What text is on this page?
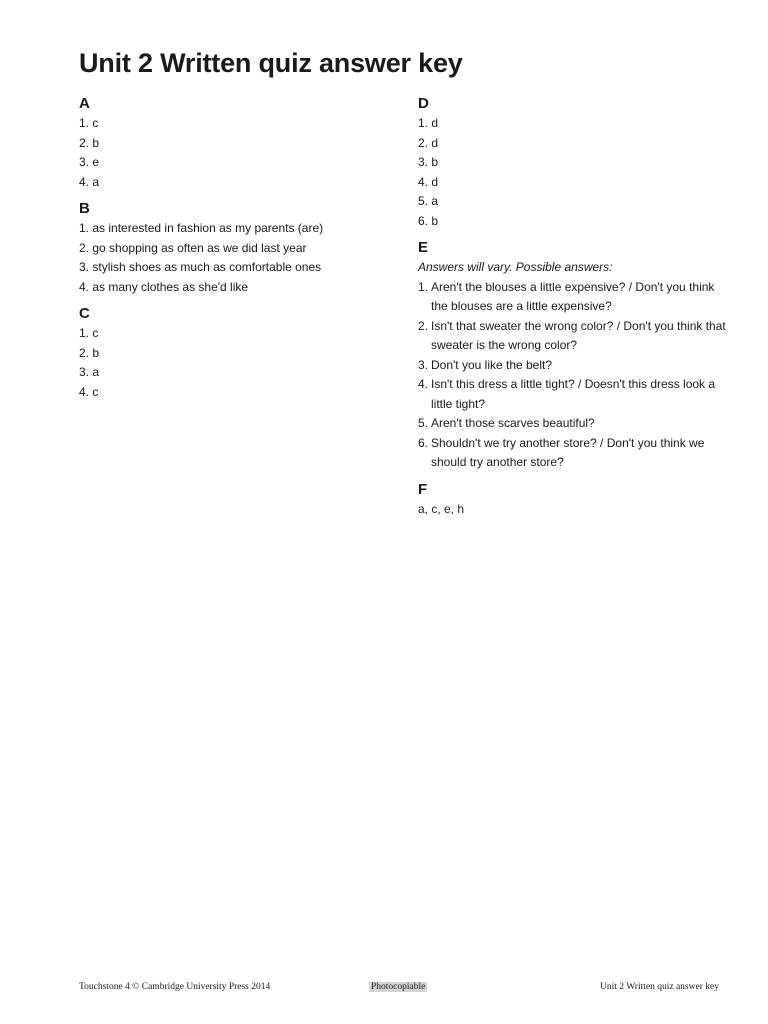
Unit 2 Written quiz answer key
A
1. c
2. b
3. e
4. a
B
1. as interested in fashion as my parents (are)
2. go shopping as often as we did last year
3. stylish shoes as much as comfortable ones
4. as many clothes as she'd like
C
1. c
2. b
3. a
4. c
D
1. d
2. d
3. b
4. d
5. a
6. b
E
Answers will vary. Possible answers:
1. Aren't the blouses a little expensive? / Don't you think the blouses are a little expensive?
2. Isn't that sweater the wrong color? / Don't you think that sweater is the wrong color?
3. Don't you like the belt?
4. Isn't this dress a little tight? / Doesn't this dress look a little tight?
5. Aren't those scarves beautiful?
6. Shouldn't we try another store? / Don't you think we should try another store?
F
a, c, e, h
Touchstone 4 © Cambridge University Press 2014	Photocopiable	Unit 2 Written quiz answer key
